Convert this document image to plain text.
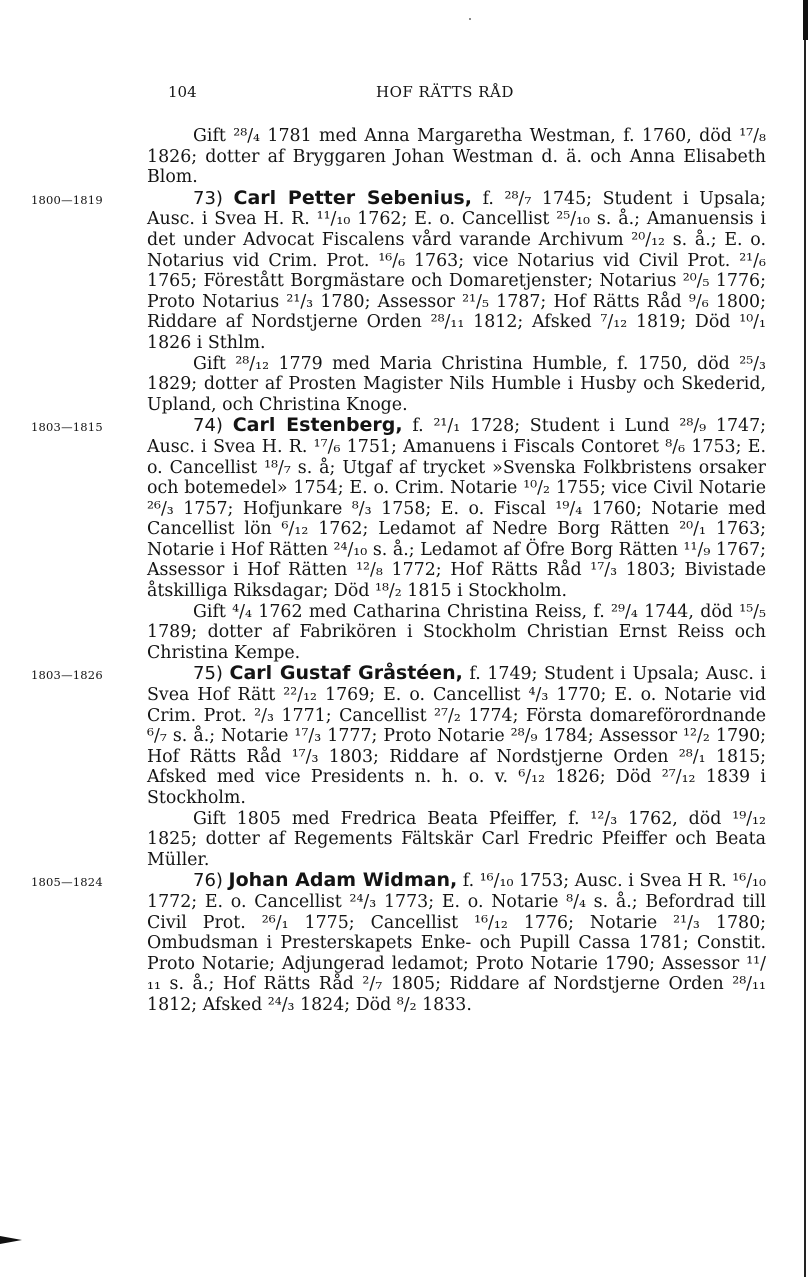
104	HOF RÄTTS RÅD

Gift ²⁸/₄ 1781 med Anna Margaretha Westman, f. 1760, död ¹⁷/₈ 1826; dotter af Bryggaren Johan Westman d. ä. och Anna Elisabeth Blom.

1800—1819	73) Carl Petter Sebenius, f. ²⁸/₇ 1745; Student i Upsala; Ausc. i Svea H. R. ¹¹/₁₀ 1762; E. o. Cancellist ²⁵/₁₀ s. å.; Amanuensis i det under Advocat Fiscalens vård varande Archivum ²⁰/₁₂ s. å.; E. o. Notarius vid Crim. Prot. ¹⁶/₆ 1763; vice Notarius vid Civil Prot. ²¹/₆ 1765; Förestått Borgmästare och Domaretjenster; Notarius ²⁰/₅ 1776; Proto Notarius ²¹/₃ 1780; Assessor ²¹/₅ 1787; Hof Rätts Råd ⁹/₆ 1800; Riddare af Nordstjerne Orden ²⁸/₁₁ 1812; Afsked ⁷/₁₂ 1819; Död ¹⁰/₁ 1826 i Sthlm.

Gift ²⁸/₁₂ 1779 med Maria Christina Humble, f. 1750, död ²⁵/₃ 1829; dotter af Prosten Magister Nils Humble i Husby och Skederid, Upland, och Christina Knoge.

1803—1815	74) Carl Estenberg, f. ²¹/₁ 1728; Student i Lund ²⁸/₉ 1747; Ausc. i Svea H. R. ¹⁷/₆ 1751; Amanuens i Fiscals Contoret ⁸/₆ 1753; E. o. Cancellist ¹⁸/₇ s. å; Utgaf af trycket »Svenska Folkbristens orsaker och botemedel» 1754; E. o. Crim. Notarie ¹⁰/₂ 1755; vice Civil Notarie ²⁶/₃ 1757; Hofjunkare ⁸/₃ 1758; E. o. Fiscal ¹⁹/₄ 1760; Notarie med Cancellist lön ⁶/₁₂ 1762; Ledamot af Nedre Borg Rätten ²⁰/₁ 1763; Notarie i Hof Rätten ²⁴/₁₀ s. å.; Ledamot af Öfre Borg Rätten ¹¹/₉ 1767; Assessor i Hof Rätten ¹²/₈ 1772; Hof Rätts Råd ¹⁷/₃ 1803; Bivistade åtskilliga Riksdagar; Död ¹⁸/₂ 1815 i Stockholm.

Gift ⁴/₄ 1762 med Catharina Christina Reiss, f. ²⁹/₄ 1744, död ¹⁵/₅ 1789; dotter af Fabrikören i Stockholm Christian Ernst Reiss och Christina Kempe.

1803—1826	75) Carl Gustaf Gråstéen, f. 1749; Student i Upsala; Ausc. i Svea Hof Rätt ²²/₁₂ 1769; E. o. Cancellist ⁴/₃ 1770; E. o. Notarie vid Crim. Prot. ²/₃ 1771; Cancellist ²⁷/₂ 1774; Första domareförordnande ⁶/₇ s. å.; Notarie ¹⁷/₃ 1777; Proto Notarie ²⁸/₉ 1784; Assessor ¹²/₂ 1790; Hof Rätts Råd ¹⁷/₃ 1803; Riddare af Nordstjerne Orden ²⁸/₁ 1815; Afsked med vice Presidents n. h. o. v. ⁶/₁₂ 1826; Död ²⁷/₁₂ 1839 i Stockholm.

Gift 1805 med Fredrica Beata Pfeiffer, f. ¹²/₃ 1762, död ¹⁹/₁₂ 1825; dotter af Regements Fältskär Carl Fredric Pfeiffer och Beata Müller.

1805—1824	76) Johan Adam Widman, f. ¹⁶/₁₀ 1753; Ausc. i Svea H R. ¹⁶/₁₀ 1772; E. o. Cancellist ²⁴/₃ 1773; E. o. Notarie ⁸/₄ s. å.; Befordrad till Civil Prot. ²⁶/₁ 1775; Cancellist ¹⁶/₁₂ 1776; Notarie ²¹/₃ 1780; Ombudsman i Presterskapets Enke- och Pupill Cassa 1781; Constit. Proto Notarie; Adjungerad ledamot; Proto Notarie 1790; Assessor ¹¹/₁₁ s. å.; Hof Rätts Råd ²/₇ 1805; Riddare af Nordstjerne Orden ²⁸/₁₁ 1812; Afsked ²⁴/₃ 1824; Död ⁸/₂ 1833.
